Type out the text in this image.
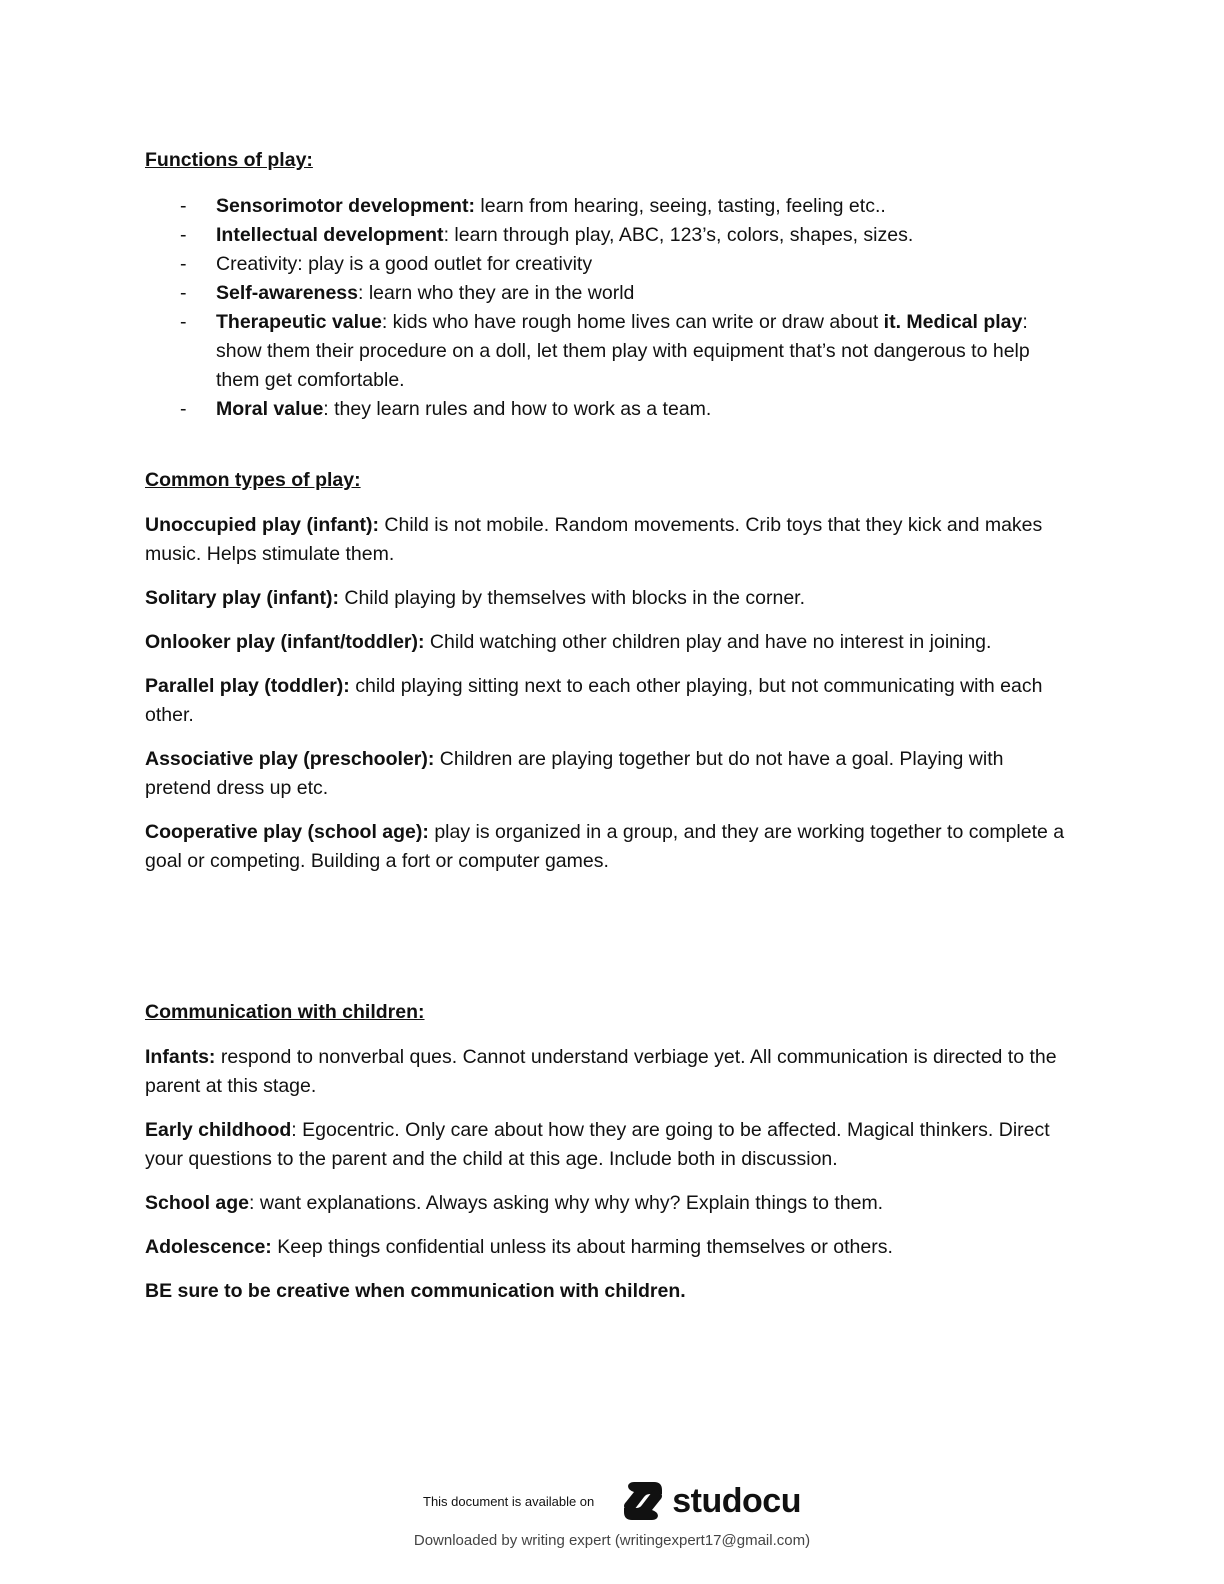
Functions of play:
- Sensorimotor development: learn from hearing, seeing, tasting, feeling etc..
- Intellectual development: learn through play, ABC, 123’s, colors, shapes, sizes.
- Creativity: play is a good outlet for creativity
- Self-awareness: learn who they are in the world
- Therapeutic value: kids who have rough home lives can write or draw about it. Medical play: show them their procedure on a doll, let them play with equipment that’s not dangerous to help them get comfortable.
- Moral value: they learn rules and how to work as a team.
Common types of play:

Unoccupied play (infant): Child is not mobile. Random movements. Crib toys that they kick and makes music. Helps stimulate them.

Solitary play (infant): Child playing by themselves with blocks in the corner.

Onlooker play (infant/toddler): Child watching other children play and have no interest in joining.

Parallel play (toddler): child playing sitting next to each other playing, but not communicating with each other.

Associative play (preschooler): Children are playing together but do not have a goal. Playing with pretend dress up etc.

Cooperative play (school age): play is organized in a group, and they are working together to complete a goal or competing. Building a fort or computer games.

Communication with children:

Infants: respond to nonverbal ques. Cannot understand verbiage yet. All communication is directed to the parent at this stage.

Early childhood: Egocentric. Only care about how they are going to be affected. Magical thinkers. Direct your questions to the parent and the child at this age. Include both in discussion.

School age: want explanations. Always asking why why why? Explain things to them.

Adolescence: Keep things confidential unless its about harming themselves or others.

BE sure to be creative when communication with children.

This document is available on studocu
Downloaded by writing expert (writingexpert17@gmail.com)
